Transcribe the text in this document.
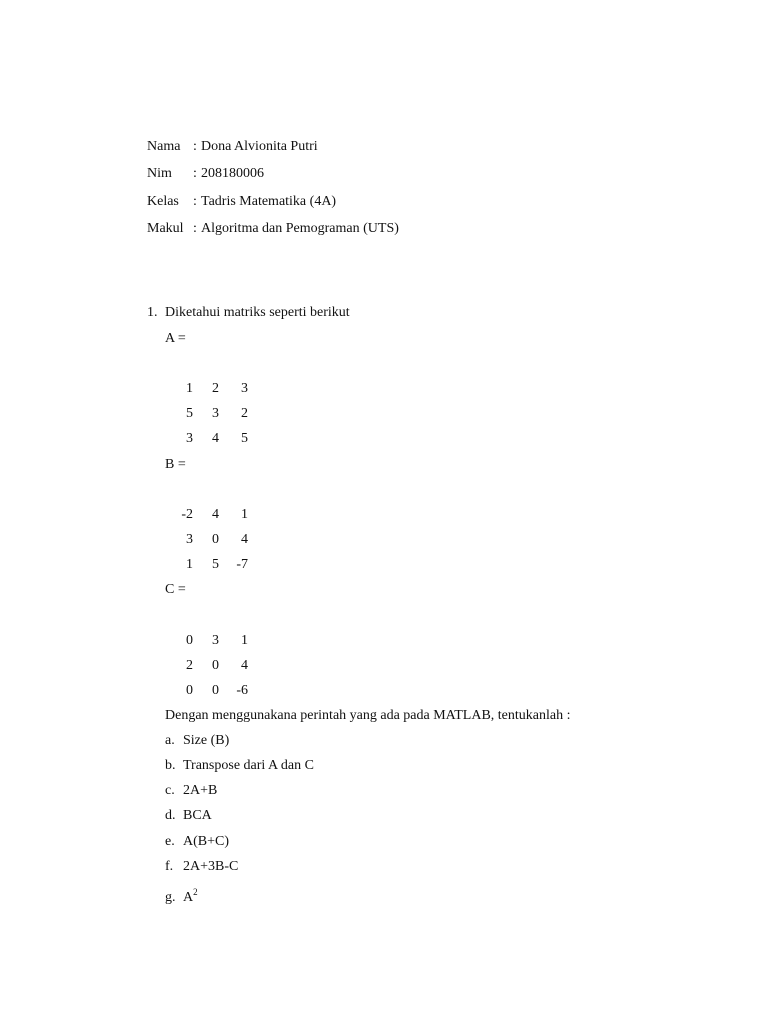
Nama : Dona Alvionita Putri
Nim : 208180006
Kelas : Tadris Matematika (4A)
Makul : Algoritma dan Pemograman (UTS)
1. Diketahui matriks seperti berikut
A =
1	2	3
5	3	2
3	4	5
B =
-2	4	1
3	0	4
1	5	-7
C =
0	3	1
2	0	4
0	0	-6
Dengan menggunakana perintah yang ada pada MATLAB, tentukanlah :
a. Size (B)
b. Transpose dari A dan C
c. 2A+B
d. BCA
e. A(B+C)
f. 2A+3B-C
g. $A^2$
